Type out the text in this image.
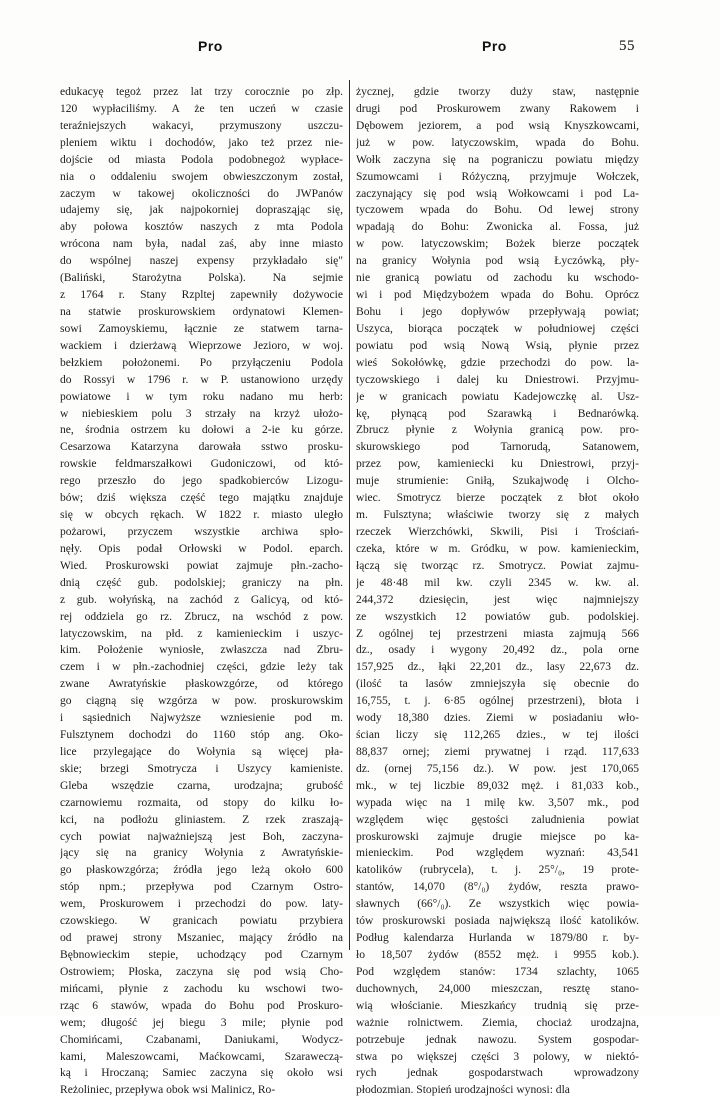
Pro	Pro	55
edukacyę tegoż przez lat trzy corocznie po złp.
120 wypłaciliśmy. A że ten uczeń w czasie
teraźniejszych wakacyi, przymuszony uszczu-
pleniem wiktu i dochodów, jako też przez nie-
dojście od miasta Podola podobnegoż wypłace-
nia o oddaleniu swojem obwieszczonym został,
zaczym w takowej okoliczności do JWPanów
udajemy się, jak najpokorniej doprasząjąc się,
aby połowa kosztów naszych z mta Podola
wrócona nam była, nadal zaś, aby inne miasto
do wspólnej naszej expensy przykładało się"
(Baliński, Starożytna Polska). Na sejmie
z 1764 r. Stany Rzpltej zapewniły dożywocie
na statwie proskurowskiem ordynatowi Klemen-
sowi Zamoyskiemu, łącznie ze statwem tarna-
wackiem i dzierżawą Wieprzowe Jezioro, w woj.
bełzkiem położonemi. Po przyłączeniu Podola
do Rossyi w 1796 r. w P. ustanowiono urzędy
powiatowe i w tym roku nadano mu herb:
w niebieskiem polu 3 strzały na krzyż ułożo-
ne, środnia ostrzem ku dołowi a 2-ie ku górze.
Cesarzowa Katarzyna darowała sstwo prosku-
rowskie feldmarszałkowi Gudoniczowi, od któ-
rego przeszło do jego spadkobierców Lizogu-
bów; dziś większa część tego majątku znajduje
się w obcych rękach. W 1822 r. miasto uległo
pożarowi, przyczem wszystkie archiwa spło-
nęły. Opis podał Orłowski w Podol. eparch.
Wied. Proskurowski powiat zajmuje płn.-zacho-
dnią część gub. podolskiej; graniczy na płn.
z gub. wołyńską, na zachód z Galicyą, od któ-
rej oddziela go rz. Zbrucz, na wschód z pow.
latyczowskim, na płd. z kamienieckim i uszyc-
kim. Położenie wyniosłe, zwłaszcza nad Zbru-
czem i w płn.-zachodniej części, gdzie leży tak
zwane Awratyńskie płaskowzgórze, od którego
go ciągną się wzgórza w pow. proskurowskim
i sąsiednich Najwyższe wzniesienie pod m.
Fulsztynem dochodzi do 1160 stóp ang. Oko-
lice przylegające do Wołynia są więcej pła-
skie; brzegi Smotrycza i Uszycy kamieniste.
Gleba wszędzie czarna, urodzajna; grubość
czarnowiemu rozmaita, od stopy do kilku ło-
kci, na podłożu gliniastem. Z rzek zraszają-
cych powiat najważniejszą jest Boh, zaczyna-
jący się na granicy Wołynia z Awratyńskie-
go płaskowzgórza; źródła jego leżą około 600
stóp npm.; przepływa pod Czarnym Ostro-
wem, Proskurowem i przechodzi do pow. laty-
czowskiego. W granicach powiatu przybiera
od prawej strony Mszaniec, mający źródło na
Bębnowieckim stepie, uchodzący pod Czarnym
Ostrowiem; Płoska, zaczyna się pod wsią Cho-
mińcami, płynie z zachodu ku wschowi two-
rząc 6 stawów, wpada do Bohu pod Proskuro-
wem; długość jej biegu 3 mile; płynie pod
Chomińcami, Czabanami, Daniukami, Wodycz-
kami, Maleszowcami, Maćkowcami, Szaraweczą-
ką i Hroczaną; Samiec zaczyna się około wsi
Reżoliniec, przepływa obok wsi Malinicz, Ro-
życznej, gdzie tworzy duży staw, następnie
drugi pod Proskurowem zwany Rakowem i
Dębowem jeziorem, a pod wsią Knyszkowcami,
już w pow. latyczowskim, wpada do Bohu.
Wołk zaczyna się na pograniczu powiatu między
Szumowcami i Różyczną, przyjmuje Wołczek,
zaczynający się pod wsią Wołkowcami i pod La-
tyczowem wpada do Bohu. Od lewej strony
wpadają do Bohu: Zwonicka al. Fossa, już
w pow. latyczowskim; Bożek bierze początek
na granicy Wołynia pod wsią Łyczówką, pły-
nie granicą powiatu od zachodu ku wschodo-
wi i pod Międzybożem wpada do Bohu. Oprócz
Bohu i jego dopływów przepływają powiat;
Uszyca, biorąca początek w południowej części
powiatu pod wsią Nową Wsią, płynie przez
wieś Sokołówkę, gdzie przechodzi do pow. la-
tyczowskiego i dalej ku Dniestrowi. Przyjmu-
je w granicach powiatu Kadejowczkę al. Usz-
kę, płynącą pod Szarawką i Bednarówką.
Zbrucz płynie z Wołynia granicą pow. pro-
skurowskiego pod Tarnorudą, Satanowem,
przez pow, kamieniecki ku Dniestrowi, przyj-
muje strumienie: Gniłą, Szukajwodę i Olcho-
wiec. Smotrycz bierze początek z błot około
m. Fulsztyna; właściwie tworzy się z małych
rzeczek Wierzchówki, Skwili, Pisi i Trościań-
czeka, które w m. Gródku, w pow. kamienieckim,
łączą się tworząc rz. Smotrycz. Powiat zajmu-
je 48·48 mil kw. czyli 2345 w. kw. al.
244,372 dziesięcin, jest więc najmniejszy
ze wszystkich 12 powiatów gub. podolskiej.
Z ogólnej tej przestrzeni miasta zajmują 566
dz., osady i wygony 20,492 dz., pola orne
157,925 dz., łąki 22,201 dz., lasy 22,673 dz.
(ilość ta lasów zmniejszyła się obecnie do
16,755, t. j. 6·85 ogólnej przestrzeni), błota i
wody 18,380 dzies. Ziemi w posiadaniu wło-
ścian liczy się 112,265 dzies., w tej ilości
88,837 ornej; ziemi prywatnej i rząd. 117,633
dz. (ornej 75,156 dz.). W pow. jest 170,065
mk., w tej liczbie 89,032 męż. i 81,033 kob.,
wypada więc na 1 milę kw. 3,507 mk., pod
względem więc gęstości zaludnienia powiat
proskurowski zajmuje drugie miejsce po ka-
mienieckim. Pod względem wyznań: 43,541
katolików (rubrycela), t. j. 25°/₀, 19 prote-
stantów, 14,070 (8°/₀) żydów, reszta prawo-
sławnych (66°/₀). Ze wszystkich więc powia-
tów proskurowski posiada największą ilość katolików.
Podług kalendarza Hurlanda w 1879/80 r. by-
ło 18,507 żydów (8552 męż. i 9955 kob.).
Pod względem stanów: 1734 szlachty, 1065
duchownych, 24,000 mieszczan, resztę stano-
wią włościanie. Mieszkańcy trudnią się prze-
ważnie rolnictwem. Ziemia, chociaż urodzajna,
potrzebuje jednak nawozu. System gospodar-
stwa po większej części 3 polowy, w niektó-
rych jednak gospodarstwach wprowadzony
płodozmian. Stopień urodzajności wynosi: dla
